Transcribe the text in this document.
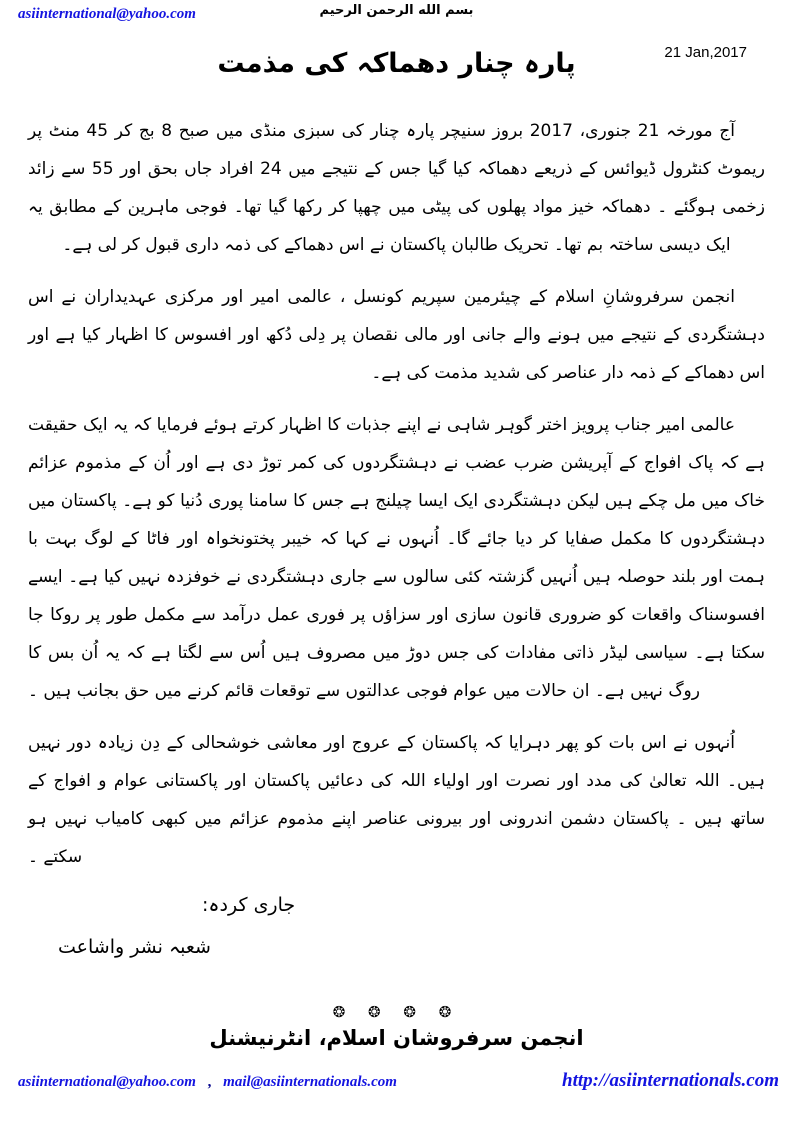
asiinternational@yahoo.com	بسم الله الرحمن الرحيم
21 Jan,2017
پارہ چنار دھماکہ کی مذمت

آج مورخہ 21 جنوری، 2017 بروز سنیچر پارہ چنار کی سبزی منڈی میں صبح 8 بج کر 45 منٹ پر ریموٹ کنٹرول ڈیوائس کے ذریعے دھماکہ کیا گیا جس کے نتیجے میں 24 افراد جاں بحق اور 55 سے زائد زخمی ہوگئے ۔ دھماکہ خیز مواد پھلوں کی پیٹی میں چھپا کر رکھا گیا تھا۔ فوجی ماہرین کے مطابق یہ ایک دیسی ساختہ بم تھا۔ تحریک طالبان پاکستان نے اس دھماکے کی ذمہ داری قبول کر لی ہے۔

انجمن سرفروشانِ اسلام کے چیئرمین سپریم کونسل ، عالمی امیر اور مرکزی عہدیداران نے اس دہشتگردی کے نتیجے میں ہونے والے جانی اور مالی نقصان پر دِلی دُکھ اور افسوس کا اظہار کیا ہے اور اس دھماکے کے ذمہ دار عناصر کی شدید مذمت کی ہے۔

عالمی امیر جناب پرویز اختر گوہر شاہی نے اپنے جذبات کا اظہار کرتے ہوئے فرمایا کہ یہ ایک حقیقت ہے کہ پاک افواج کے آپریشن ضرب عضب نے دہشتگردوں کی کمر توڑ دی ہے اور اُن کے مذموم عزائم خاک میں مل چکے ہیں لیکن دہشتگردی ایک ایسا چیلنج ہے جس کا سامنا پوری دُنیا کو ہے۔ پاکستان میں دہشتگردوں کا مکمل صفایا کر دیا جائے گا۔ اُنہوں نے کہا کہ خیبر پختونخواہ اور فاٹا کے لوگ بہت با ہمت اور بلند حوصلہ ہیں اُنہیں گزشتہ کئی سالوں سے جاری دہشتگردی نے خوفزدہ نہیں کیا ہے۔ ایسے افسوسناک واقعات کو ضروری قانون سازی اور سزاؤں پر فوری عمل درآمد سے مکمل طور پر روکا جا سکتا ہے۔ سیاسی لیڈر ذاتی مفادات کی جس دوڑ میں مصروف ہیں اُس سے لگتا ہے کہ یہ اُن بس کا روگ نہیں ہے۔ ان حالات میں عوام فوجی عدالتوں سے توقعات قائم کرنے میں حق بجانب ہیں ۔

اُنہوں نے اس بات کو پھر دہرایا کہ پاکستان کے عروج اور معاشی خوشحالی کے دِن زیادہ دور نہیں ہیں۔ اللہ تعالیٰ کی مدد اور نصرت اور اولیاء اللہ کی دعائیں پاکستان اور پاکستانی عوام و افواج کے ساتھ ہیں ۔ پاکستان دشمن اندرونی اور بیرونی عناصر اپنے مذموم عزائم میں کبھی کامیاب نہیں ہو سکتے ۔

جاری کردہ:
شعبہ نشر واشاعت
❂ ❂ ❂ ❂
انجمن سرفروشان اسلام، انٹرنیشنل
asiinternational@yahoo.com , mail@asiinternationals.com	http://asiinternationals.com
